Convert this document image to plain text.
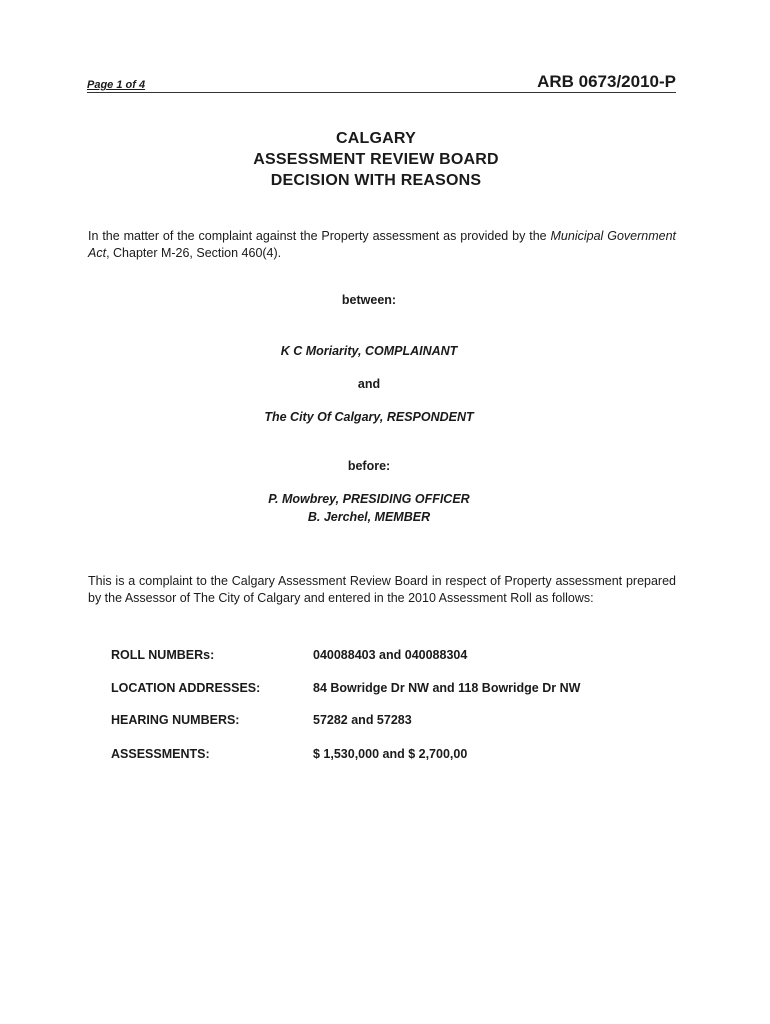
Page 1 of 4	ARB 0673/2010-P
CALGARY
ASSESSMENT REVIEW BOARD
DECISION WITH REASONS
In the matter of the complaint against the Property assessment as provided by the Municipal Government Act, Chapter M-26, Section 460(4).
between:
K C Moriarity, COMPLAINANT
and
The City Of Calgary, RESPONDENT
before:
P. Mowbrey, PRESIDING OFFICER
B. Jerchel, MEMBER
This is a complaint to the Calgary Assessment Review Board in respect of Property assessment prepared by the Assessor of The City of Calgary and entered in the 2010 Assessment Roll as follows:
ROLL NUMBERs:	040088403 and 040088304
LOCATION ADDRESSES:	84 Bowridge Dr NW and 118 Bowridge Dr NW
HEARING NUMBERS:	57282 and 57283
ASSESSMENTS:	$ 1,530,000 and $ 2,700,00
